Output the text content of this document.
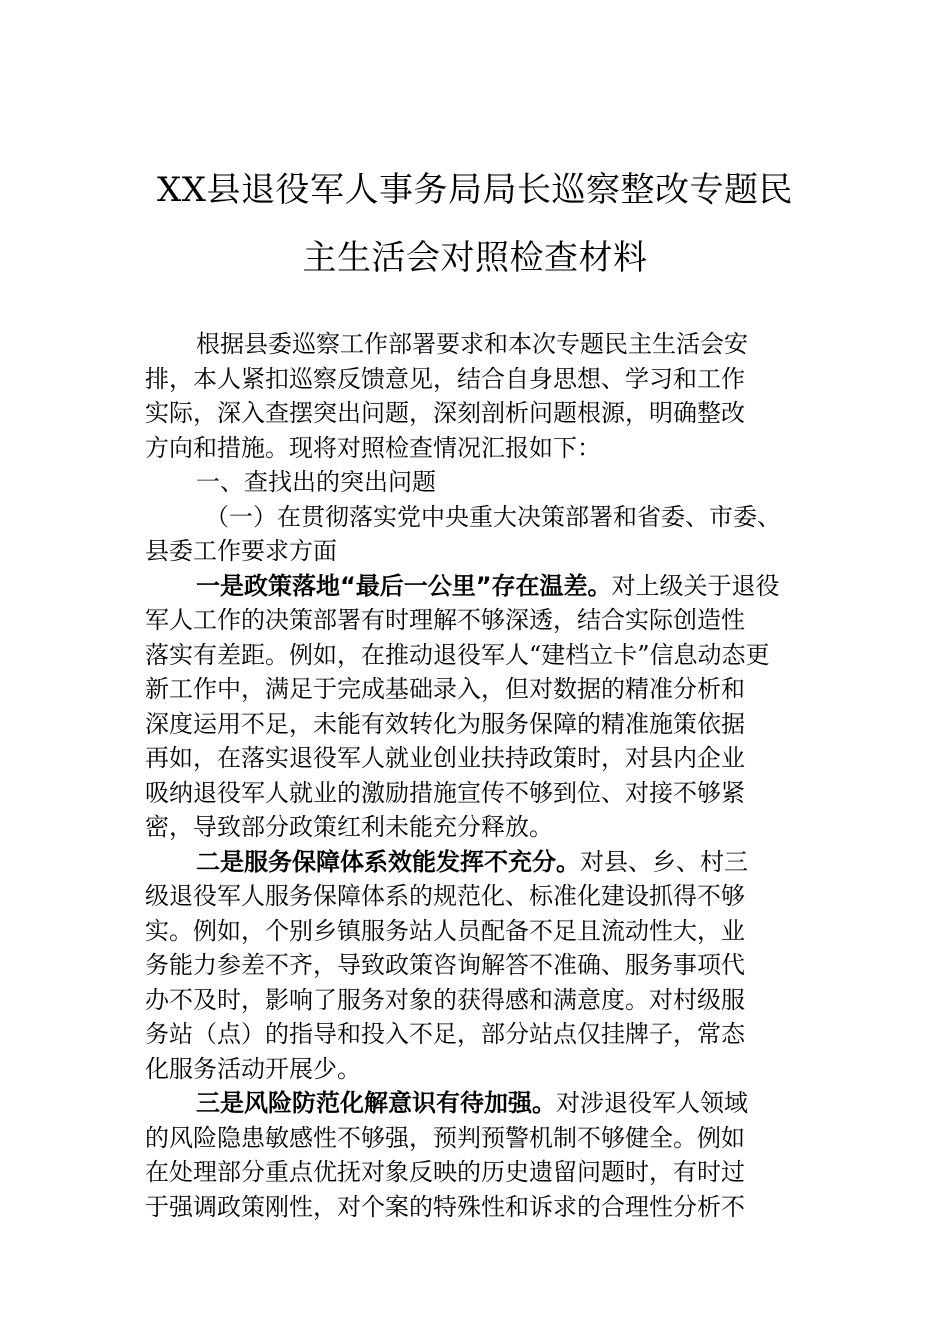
XX县退役军人事务局局长巡察整改专题民
主生活会对照检查材料
根据县委巡察工作部署要求和本次专题民主生活会安
排，本人紧扣巡察反馈意见，结合自身思想、学习和工作
实际，深入查摆突出问题，深刻剖析问题根源，明确整改
方向和措施。现将对照检查情况汇报如下：
一、查找出的突出问题
（一）在贯彻落实党中央重大决策部署和省委、市委、
县委工作要求方面
一是政策落地“最后一公里”存在温差。对上级关于退役
军人工作的决策部署有时理解不够深透，结合实际创造性
落实有差距。例如，在推动退役军人“建档立卡”信息动态更
新工作中，满足于完成基础录入，但对数据的精准分析和
深度运用不足，未能有效转化为服务保障的精准施策依据
再如，在落实退役军人就业创业扶持政策时，对县内企业
吸纳退役军人就业的激励措施宣传不够到位、对接不够紧
密，导致部分政策红利未能充分释放。
二是服务保障体系效能发挥不充分。对县、乡、村三
级退役军人服务保障体系的规范化、标准化建设抓得不够
实。例如，个别乡镇服务站人员配备不足且流动性大，业
务能力参差不齐，导致政策咨询解答不准确、服务事项代
办不及时，影响了服务对象的获得感和满意度。对村级服
务站（点）的指导和投入不足，部分站点仅挂牌子，常态
化服务活动开展少。
三是风险防范化解意识有待加强。对涉退役军人领域
的风险隐患敏感性不够强，预判预警机制不够健全。例如
在处理部分重点优抚对象反映的历史遗留问题时，有时过
于强调政策刚性，对个案的特殊性和诉求的合理性分析不
